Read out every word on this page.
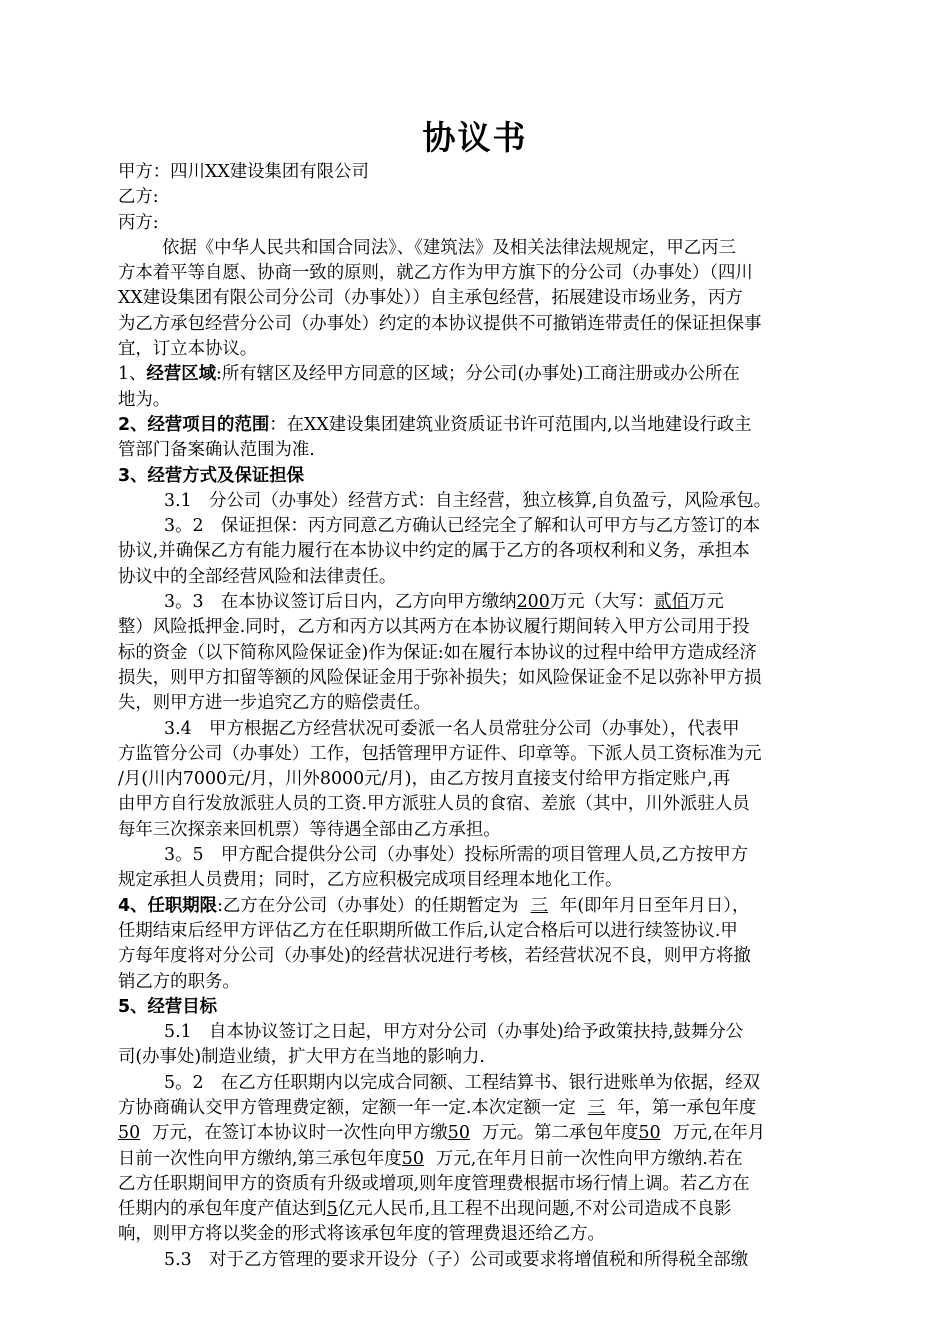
协议书
甲方：四川XX建设集团有限公司
乙方:
丙方:
依据《中华人民共和国合同法》、《建筑法》及相关法律法规规定，甲乙丙三
方本着平等自愿、协商一致的原则，就乙方作为甲方旗下的分公司（办事处）（四川
XX建设集团有限公司分公司（办事处））自主承包经营，拓展建设市场业务，丙方
为乙方承包经营分公司（办事处）约定的本协议提供不可撤销连带责任的保证担保事
宜，订立本协议。
1、经营区域:所有辖区及经甲方同意的区域；分公司(办事处)工商注册或办公所在
地为。
2、经营项目的范围：在XX建设集团建筑业资质证书许可范围内,以当地建设行政主
管部门备案确认范围为准.
3、经营方式及保证担保
3.1　分公司（办事处）经营方式：自主经营，独立核算,自负盈亏，风险承包。
3。2　保证担保：丙方同意乙方确认已经完全了解和认可甲方与乙方签订的本
协议,并确保乙方有能力履行在本协议中约定的属于乙方的各项权利和义务，承担本
协议中的全部经营风险和法律责任。
3。3　在本协议签订后日内，乙方向甲方缴纳200万元（大写：贰佰万元
整）风险抵押金.同时，乙方和丙方以其两方在本协议履行期间转入甲方公司用于投
标的资金（以下简称风险保证金)作为保证:如在履行本协议的过程中给甲方造成经济
损失，则甲方扣留等额的风险保证金用于弥补损失；如风险保证金不足以弥补甲方损
失，则甲方进一步追究乙方的赔偿责任。
3.4　甲方根据乙方经营状况可委派一名人员常驻分公司（办事处），代表甲
方监管分公司（办事处）工作，包括管理甲方证件、印章等。下派人员工资标准为元
/月(川内7000元/月，川外8000元/月)，由乙方按月直接支付给甲方指定账户,再
由甲方自行发放派驻人员的工资.甲方派驻人员的食宿、差旅（其中，川外派驻人员
每年三次探亲来回机票）等待遇全部由乙方承担。
3。5　甲方配合提供分公司（办事处）投标所需的项目管理人员,乙方按甲方
规定承担人员费用；同时，乙方应积极完成项目经理本地化工作。
4、任职期限:乙方在分公司（办事处）的任期暂定为 三 年(即年月日至年月日），
任期结束后经甲方评估乙方在任职期所做工作后,认定合格后可以进行续签协议.甲
方每年度将对分公司（办事处)的经营状况进行考核，若经营状况不良，则甲方将撤
销乙方的职务。
5、经营目标
5.1　自本协议签订之日起，甲方对分公司（办事处)给予政策扶持,鼓舞分公
司(办事处)制造业绩，扩大甲方在当地的影响力.
5。2　在乙方任职期内以完成合同额、工程结算书、银行进账单为依据，经双
方协商确认交甲方管理费定额，定额一年一定.本次定额一定 三 年，第一承包年度
50 万元，在签订本协议时一次性向甲方缴50 万元。第二承包年度50 万元,在年月
日前一次性向甲方缴纳,第三承包年度50 万元,在年月日前一次性向甲方缴纳.若在
乙方任职期间甲方的资质有升级或增项,则年度管理费根据市场行情上调。若乙方在
任期内的承包年度产值达到5亿元人民币,且工程不出现问题,不对公司造成不良影
响，则甲方将以奖金的形式将该承包年度的管理费退还给乙方。
5.3　对于乙方管理的要求开设分（子）公司或要求将增值税和所得税全部缴
